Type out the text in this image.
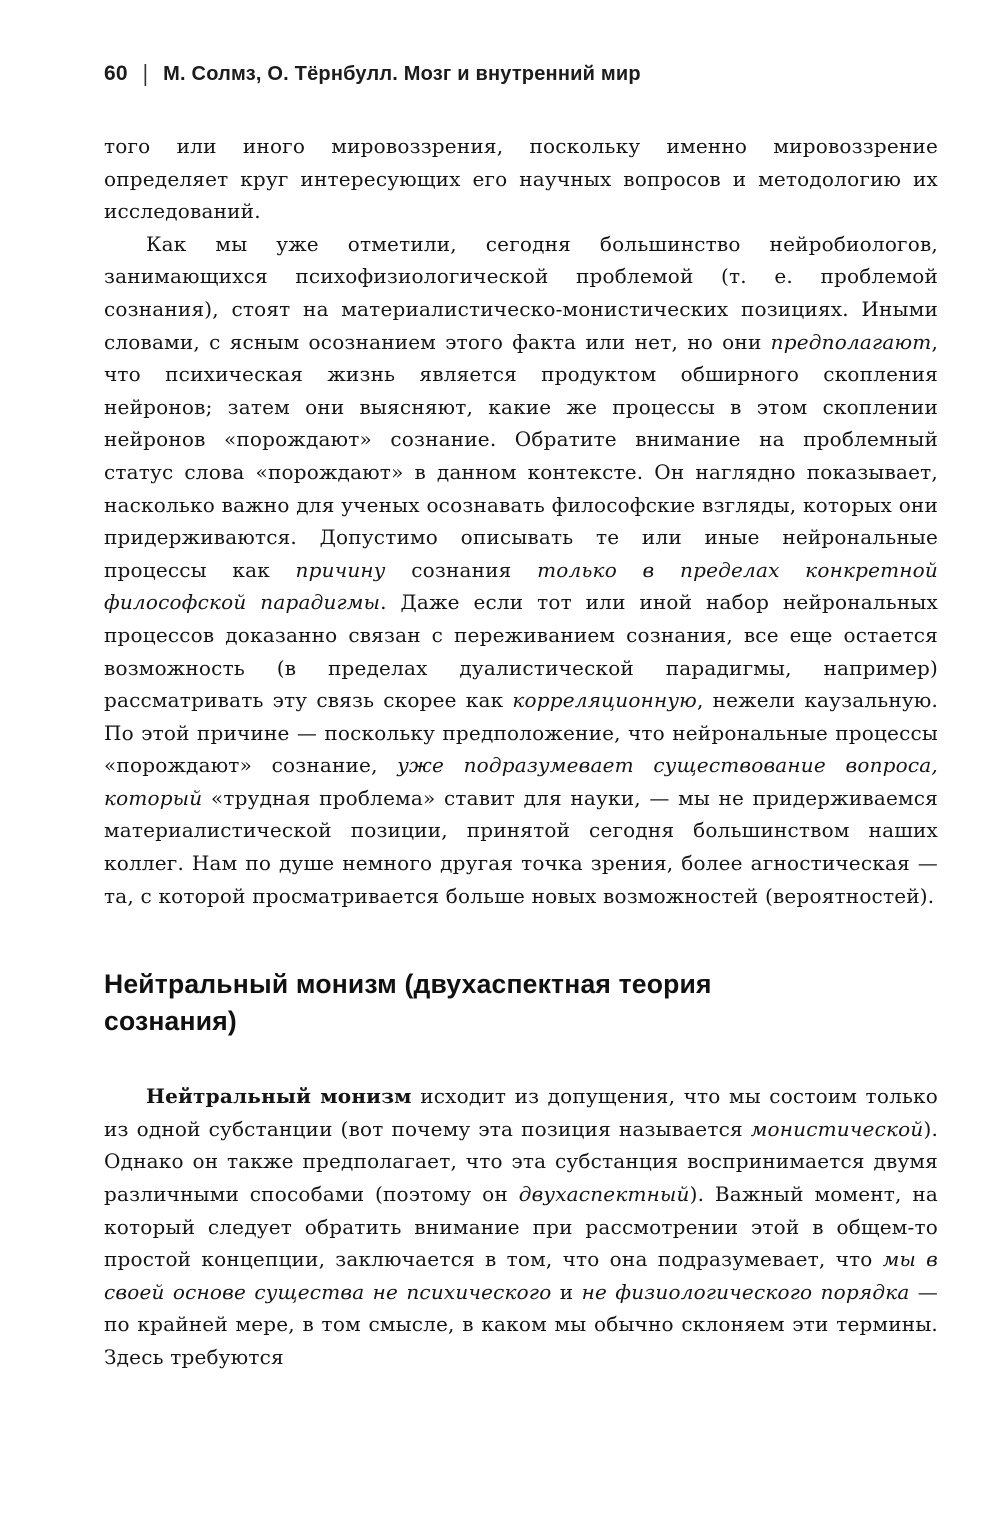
60 | М. Солмз, О. Тёрнбулл. Мозг и внутренний мир

того или иного мировоззрения, поскольку именно мировоззрение определяет круг интересующих его научных вопросов и методологию их исследований.

Как мы уже отметили, сегодня большинство нейробиологов, занимающихся психофизиологической проблемой (т. е. проблемой сознания), стоят на материалистическо-монистических позициях. Иными словами, с ясным осознанием этого факта или нет, но они предполагают, что психическая жизнь является продуктом обширного скопления нейронов; затем они выясняют, какие же процессы в этом скоплении нейронов «порождают» сознание. Обратите внимание на проблемный статус слова «порождают» в данном контексте. Он наглядно показывает, насколько важно для ученых осознавать философские взгляды, которых они придерживаются. Допустимо описывать те или иные нейрональные процессы как причину сознания только в пределах конкретной философской парадигмы. Даже если тот или иной набор нейрональных процессов доказанно связан с переживанием сознания, все еще остается возможность (в пределах дуалистической парадигмы, например) рассматривать эту связь скорее как корреляционную, нежели каузальную. По этой причине — поскольку предположение, что нейрональные процессы «порождают» сознание, уже подразумевает существование вопроса, который «трудная проблема» ставит для науки, — мы не придерживаемся материалистической позиции, принятой сегодня большинством наших коллег. Нам по душе немного другая точка зрения, более агностическая — та, с которой просматривается больше новых возможностей (вероятностей).

Нейтральный монизм (двухаспектная теория сознания)

Нейтральный монизм исходит из допущения, что мы состоим только из одной субстанции (вот почему эта позиция называется монистической). Однако он также предполагает, что эта субстанция воспринимается двумя различными способами (поэтому он двухаспектный). Важный момент, на который следует обратить внимание при рассмотрении этой в общем-то простой концепции, заключается в том, что она подразумевает, что мы в своей основе существа не психического и не физиологического порядка — по крайней мере, в том смысле, в каком мы обычно склоняем эти термины. Здесь требуются
